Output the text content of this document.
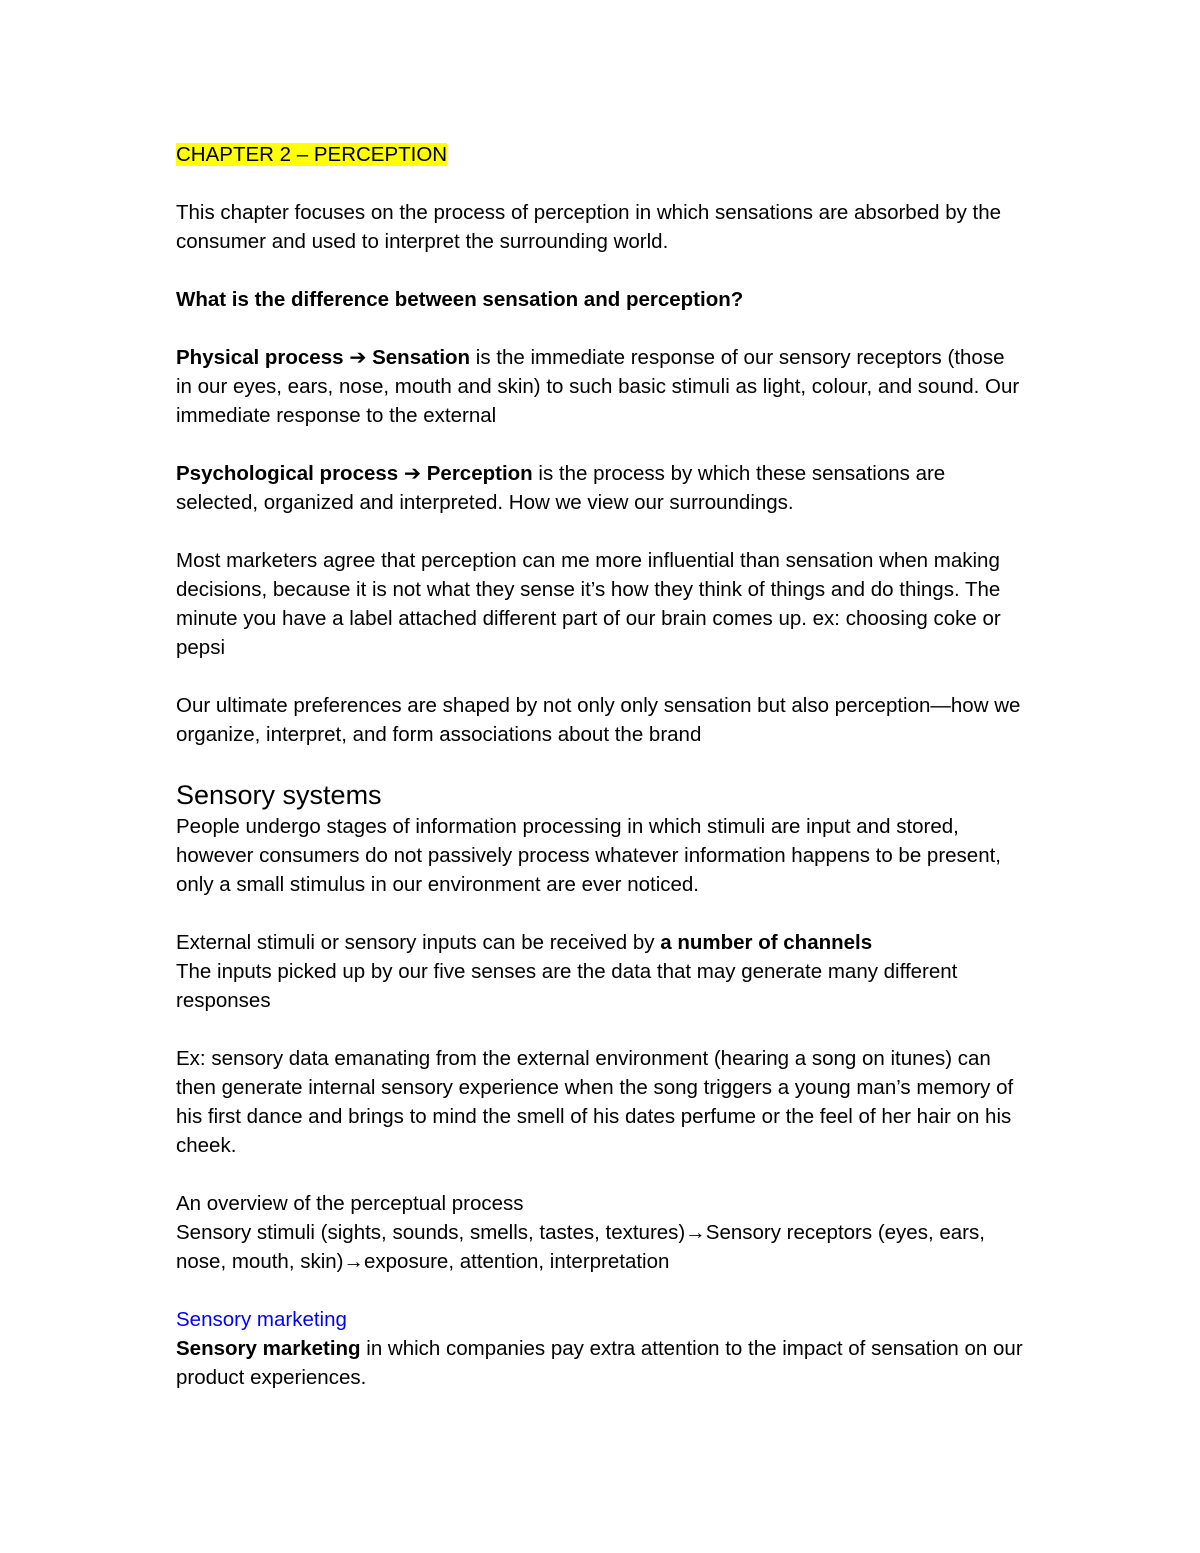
CHAPTER 2 – PERCEPTION

This chapter focuses on the process of perception in which sensations are absorbed by the consumer and used to interpret the surrounding world.

What is the difference between sensation and perception?

Physical process ➔ Sensation is the immediate response of our sensory receptors (those in our eyes, ears, nose, mouth and skin) to such basic stimuli as light, colour, and sound. Our immediate response to the external

Psychological process ➔ Perception is the process by which these sensations are selected, organized and interpreted. How we view our surroundings.

Most marketers agree that perception can me more influential than sensation when making decisions, because it is not what they sense it’s how they think of things and do things. The minute you have a label attached different part of our brain comes up. ex: choosing coke or pepsi

Our ultimate preferences are shaped by not only only sensation but also perception—how we organize, interpret, and form associations about the brand

Sensory systems

People undergo stages of information processing in which stimuli are input and stored, however consumers do not passively process whatever information happens to be present, only a small stimulus in our environment are ever noticed.

External stimuli or sensory inputs can be received by a number of channels

The inputs picked up by our five senses are the data that may generate many different responses

Ex: sensory data emanating from the external environment (hearing a song on itunes) can then generate internal sensory experience when the song triggers a young man’s memory of his first dance and brings to mind the smell of his dates perfume or the feel of her hair on his cheek.

An overview of the perceptual process

Sensory stimuli (sights, sounds, smells, tastes, textures)→Sensory receptors (eyes, ears, nose, mouth, skin)→exposure, attention, interpretation

Sensory marketing

Sensory marketing in which companies pay extra attention to the impact of sensation on our product experiences.
